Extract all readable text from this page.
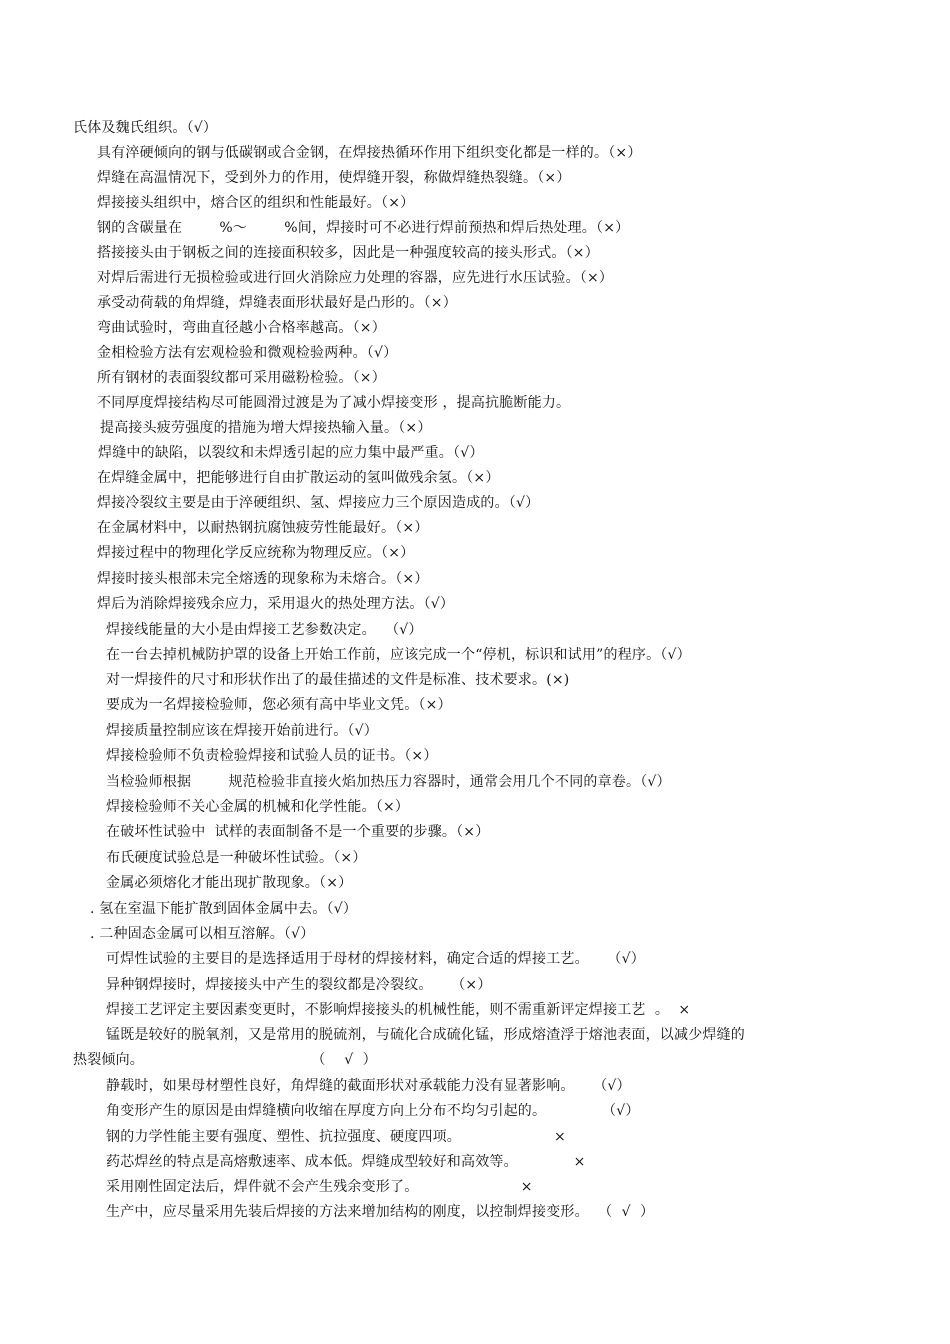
氏体及魏氏组织。（√）
具有淬硬倾向的钢与低碳钢或合金钢，在焊接热循环作用下组织变化都是一样的。（×）
焊缝在高温情况下，受到外力的作用，使焊缝开裂，称做焊缝热裂缝。（×）
焊接接头组织中，熔合区的组织和性能最好。（×）
钢的含碳量在        %～        %间，焊接时可不必进行焊前预热和焊后热处理。（×）
搭接接头由于钢板之间的连接面积较多，因此是一种强度较高的接头形式。（×）
对焊后需进行无损检验或进行回火消除应力处理的容器，应先进行水压试验。（×）
承受动荷载的角焊缝，焊缝表面形状最好是凸形的。（×）
弯曲试验时，弯曲直径越小合格率越高。（×）
金相检验方法有宏观检验和微观检验两种。（√）
所有钢材的表面裂纹都可采用磁粉检验。（×）
不同厚度焊接结构尽可能圆滑过渡是为了减小焊接变形 ，提高抗脆断能力。
提高接头疲劳强度的措施为增大焊接热输入量。（×）
焊缝中的缺陷，以裂纹和未焊透引起的应力集中最严重。（√）
在焊缝金属中，把能够进行自由扩散运动的氢叫做残余氢。（×）
焊接冷裂纹主要是由于淬硬组织、氢、焊接应力三个原因造成的。（√）
在金属材料中，以耐热钢抗腐蚀疲劳性能最好。（×）
焊接过程中的物理化学反应统称为物理反应。（×）
焊接时接头根部未完全熔透的现象称为未熔合。（×）
焊后为消除焊接残余应力，采用退火的热处理方法。（√）
焊接线能量的大小是由焊接工艺参数决定。  （√）
在一台去掉机械防护罩的设备上开始工作前，应该完成一个“停机，标识和试用”的程序。（√）
对一焊接件的尺寸和形状作出了的最佳描述的文件是标准、技术要求。(×)
要成为一名焊接检验师，您必须有高中毕业文凭。（×）
焊接质量控制应该在焊接开始前进行。（√）
焊接检验师不负责检验焊接和试验人员的证书。（×）
当检验师根据        规范检验非直接火焰加热压力容器时，通常会用几个不同的章卷。（√）
焊接检验师不关心金属的机械和化学性能。（×）
在破坏性试验中  试样的表面制备不是一个重要的步骤。（×）
布氏硬度试验总是一种破坏性试验。（×）
金属必须熔化才能出现扩散现象。（×）
. 氢在室温下能扩散到固体金属中去。（√）
. 二种固态金属可以相互溶解。（√）
可焊性试验的主要目的是选择适用于母材的焊接材料，确定合适的焊接工艺。    （√）
异种钢焊接时，焊接接头中产生的裂纹都是冷裂纹。    （×）
焊接工艺评定主要因素变更时，不影响焊接接头的机械性能，则不需重新评定焊接工艺  。  ×
锰既是较好的脱氧剂，又是常用的脱硫剂，与硫化合成硫化锰，形成熔渣浮于熔池表面，以减少焊缝的
热裂倾向。                                    （    √  ）
静载时，如果母材塑性良好，角焊缝的截面形状对承载能力没有显著影响。    （√）
角变形产生的原因是由焊缝横向收缩在厚度方向上分布不均匀引起的。            （√）
钢的力学性能主要有强度、塑性、抗拉强度、硬度四项。                    ×
药芯焊丝的特点是高熔敷速率、成本低。焊缝成型较好和高效等。            ×
采用刚性固定法后，焊件就不会产生残余变形了。                      ×
生产中，应尽量采用先装后焊接的方法来增加结构的刚度，以控制焊接变形。  （  √  ）
